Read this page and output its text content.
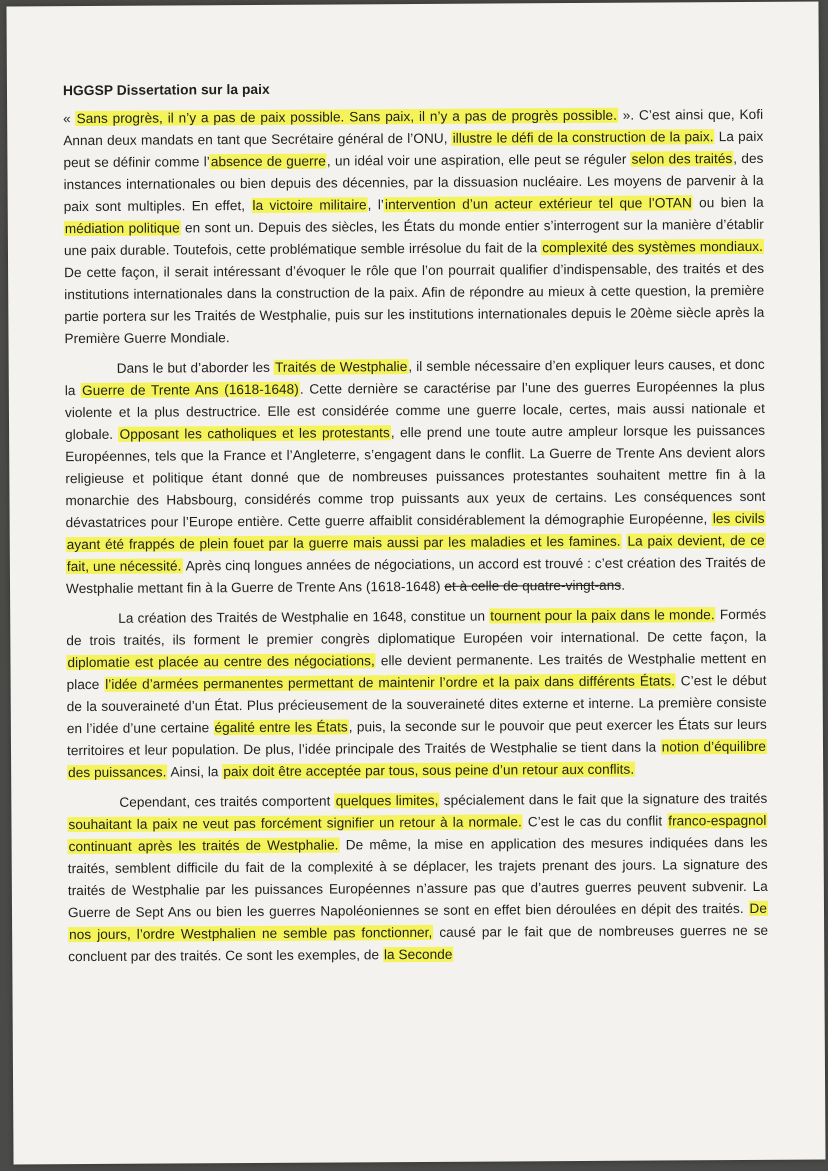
HGGSP Dissertation sur la paix

« Sans progrès, il n’y a pas de paix possible. Sans paix, il n’y a pas de progrès possible. ». C’est ainsi que, Kofi Annan deux mandats en tant que Secrétaire général de l’ONU, illustre le défi de la construction de la paix. La paix peut se définir comme l’absence de guerre, un idéal voir une aspiration, elle peut se réguler selon des traités, des instances internationales ou bien depuis des décennies, par la dissuasion nucléaire. Les moyens de parvenir à la paix sont multiples. En effet, la victoire militaire, l’intervention d’un acteur extérieur tel que l’OTAN ou bien la médiation politique en sont un. Depuis des siècles, les États du monde entier s’interrogent sur la manière d’établir une paix durable. Toutefois, cette problématique semble irrésolue du fait de la complexité des systèmes mondiaux. De cette façon, il serait intéressant d’évoquer le rôle que l’on pourrait qualifier d’indispensable, des traités et des institutions internationales dans la construction de la paix. Afin de répondre au mieux à cette question, la première partie portera sur les Traités de Westphalie, puis sur les institutions internationales depuis le 20ème siècle après la Première Guerre Mondiale.

Dans le but d’aborder les Traités de Westphalie, il semble nécessaire d’en expliquer leurs causes, et donc la Guerre de Trente Ans (1618-1648). Cette dernière se caractérise par l’une des guerres Européennes la plus violente et la plus destructrice. Elle est considérée comme une guerre locale, certes, mais aussi nationale et globale. Opposant les catholiques et les protestants, elle prend une toute autre ampleur lorsque les puissances Européennes, tels que la France et l’Angleterre, s’engagent dans le conflit. La Guerre de Trente Ans devient alors religieuse et politique étant donné que de nombreuses puissances protestantes souhaitent mettre fin à la monarchie des Habsbourg, considérés comme trop puissants aux yeux de certains. Les conséquences sont dévastatrices pour l’Europe entière. Cette guerre affaiblit considérablement la démographie Européenne, les civils ayant été frappés de plein fouet par la guerre mais aussi par les maladies et les famines. La paix devient, de ce fait, une nécessité. Après cinq longues années de négociations, un accord est trouvé : c’est création des Traités de Westphalie mettant fin à la Guerre de Trente Ans (1618-1648) et à celle de quatre-vingt-ans.

La création des Traités de Westphalie en 1648, constitue un tournent pour la paix dans le monde. Formés de trois traités, ils forment le premier congrès diplomatique Européen voir international. De cette façon, la diplomatie est placée au centre des négociations, elle devient permanente. Les traités de Westphalie mettent en place l’idée d’armées permanentes permettant de maintenir l’ordre et la paix dans différents États. C’est le début de la souveraineté d’un État. Plus précieusement de la souveraineté dites externe et interne. La première consiste en l’idée d’une certaine égalité entre les États, puis, la seconde sur le pouvoir que peut exercer les États sur leurs territoires et leur population. De plus, l’idée principale des Traités de Westphalie se tient dans la notion d’équilibre des puissances. Ainsi, la paix doit être acceptée par tous, sous peine d’un retour aux conflits.

Cependant, ces traités comportent quelques limites, spécialement dans le fait que la signature des traités souhaitant la paix ne veut pas forcément signifier un retour à la normale. C’est le cas du conflit franco-espagnol continuant après les traités de Westphalie. De même, la mise en application des mesures indiquées dans les traités, semblent difficile du fait de la complexité à se déplacer, les trajets prenant des jours. La signature des traités de Westphalie par les puissances Européennes n’assure pas que d’autres guerres peuvent subvenir. La Guerre de Sept Ans ou bien les guerres Napoléoniennes se sont en effet bien déroulées en dépit des traités. De nos jours, l’ordre Westphalien ne semble pas fonctionner, causé par le fait que de nombreuses guerres ne se concluent par des traités. Ce sont les exemples, de la Seconde
